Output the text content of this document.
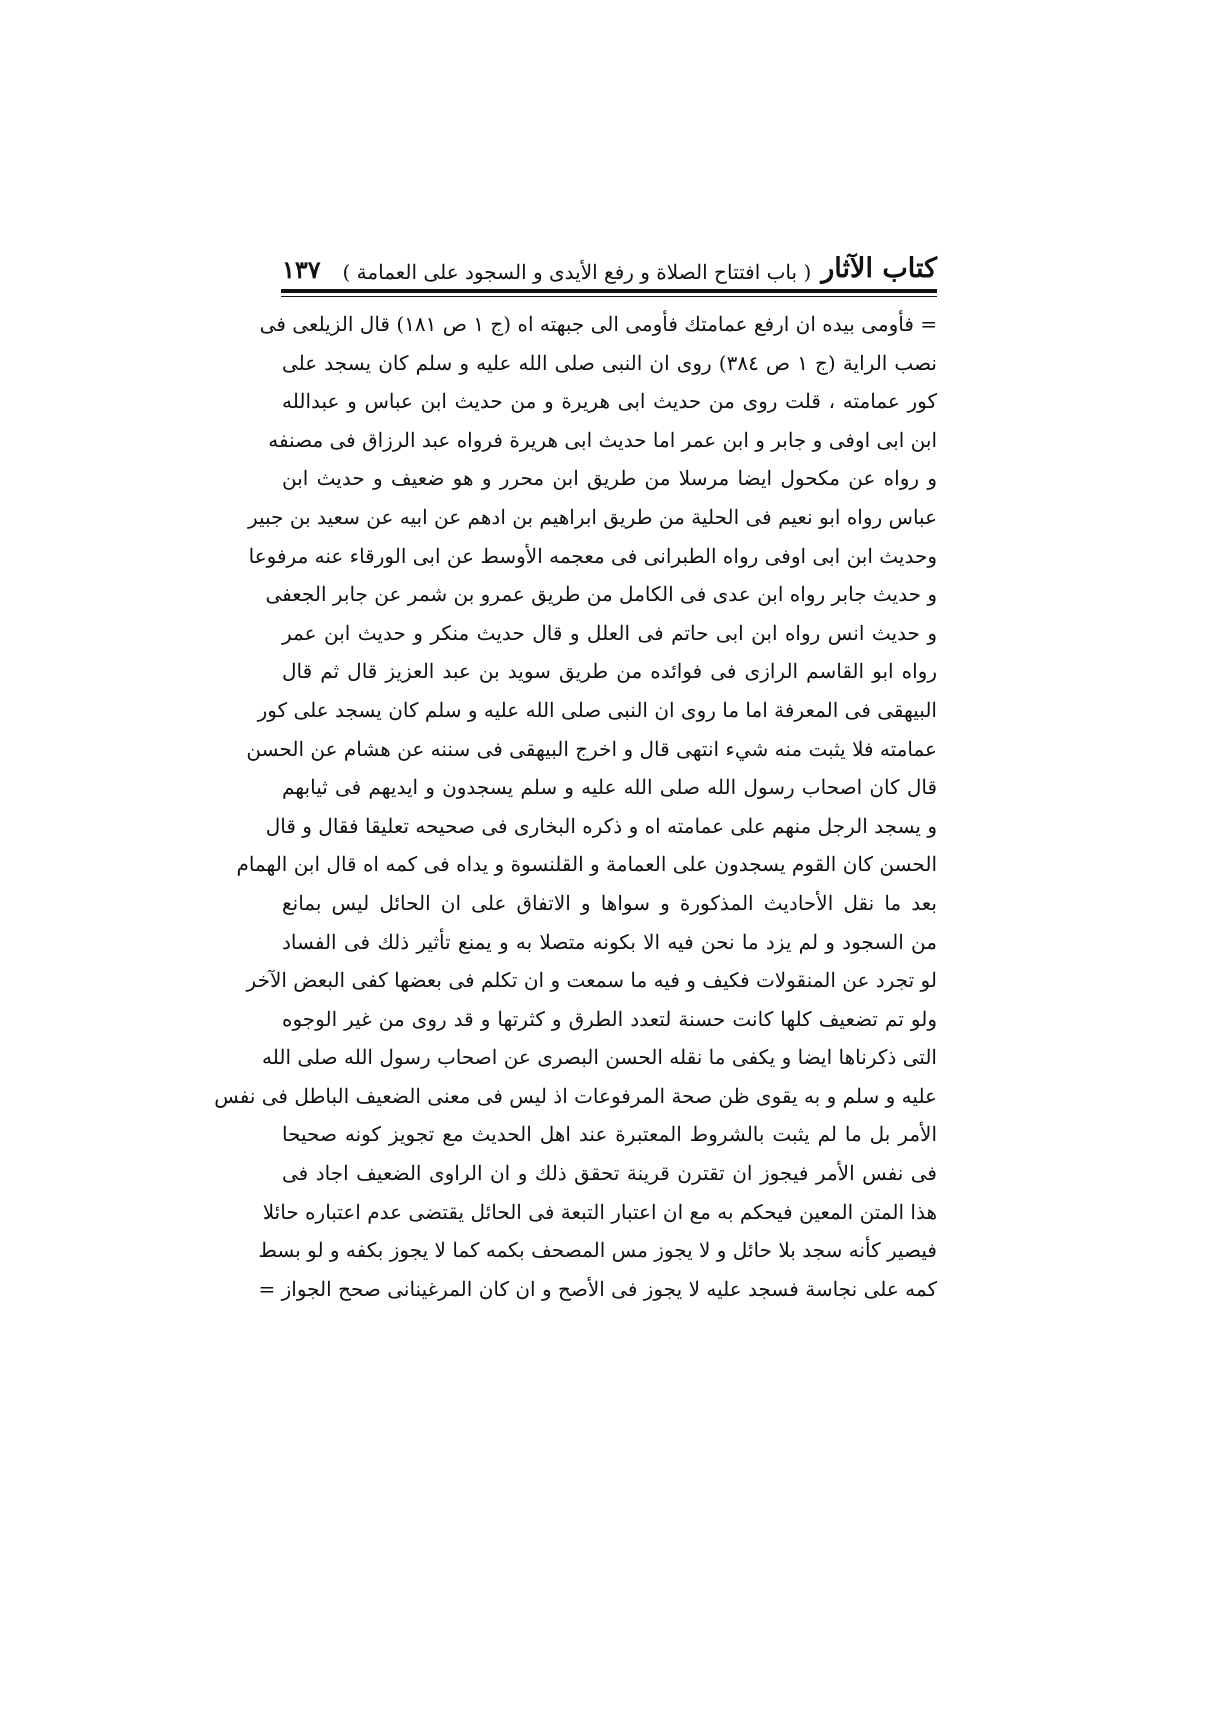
كتاب الآثار
( باب افتتاح الصلاة و رفع الأيدى و السجود على العمامة )
١٣٧
= فأومى بيده ان ارفع عمامتك فأومى الى جبهته اه (ج ١ ص ١٨١) قال الزيلعى فى
نصب الراية (ج ١ ص ٣٨٤) روى ان النبى صلى الله عليه و سلم كان يسجد على
كور عمامته ، قلت روى من حديث ابى هريرة و من حديث ابن عباس و عبدالله
ابن ابى اوفى و جابر و ابن عمر اما حديث ابى هريرة فرواه عبد الرزاق فى مصنفه
و رواه عن مكحول ايضا مرسلا من طريق ابن محرر و هو ضعيف و حديث ابن
عباس رواه ابو نعيم فى الحلية من طريق ابراهيم بن ادهم عن ابيه عن سعيد بن جبير
وحديث ابن ابى اوفى رواه الطبرانى فى معجمه الأوسط عن ابى الورقاء عنه مرفوعا
و حديث جابر رواه ابن عدى فى الكامل من طريق عمرو بن شمر عن جابر الجعفى
و حديث انس رواه ابن ابى حاتم فى العلل و قال حديث منكر و حديث ابن عمر
رواه ابو القاسم الرازى فى فوائده من طريق سويد بن عبد العزيز قال ثم قال
البيهقى فى المعرفة اما ما روى ان النبى صلى الله عليه و سلم كان يسجد على كور
عمامته فلا يثبت منه شيء انتهى قال و اخرج البيهقى فى سننه عن هشام عن الحسن
قال كان اصحاب رسول الله صلى الله عليه و سلم يسجدون و ايديهم فى ثيابهم
و يسجد الرجل منهم على عمامته اه و ذكره البخارى فى صحيحه تعليقا فقال و قال
الحسن كان القوم يسجدون على العمامة و القلنسوة و يداه فى كمه اه قال ابن الهمام
بعد ما نقل الأحاديث المذكورة و سواها و الاتفاق على ان الحائل ليس بمانع
من السجود و لم يزد ما نحن فيه الا بكونه متصلا به و يمنع تأثير ذلك فى الفساد
لو تجرد عن المنقولات فكيف و فيه ما سمعت و ان تكلم فى بعضها كفى البعض الآخر
ولو تم تضعيف كلها كانت حسنة لتعدد الطرق و كثرتها و قد روى من غير الوجوه
التى ذكرناها ايضا و يكفى ما نقله الحسن البصرى عن اصحاب رسول الله صلى الله
عليه و سلم و به يقوى ظن صحة المرفوعات اذ ليس فى معنى الضعيف الباطل فى نفس
الأمر بل ما لم يثبت بالشروط المعتبرة عند اهل الحديث مع تجويز كونه صحيحا
فى نفس الأمر فيجوز ان تقترن قرينة تحقق ذلك و ان الراوى الضعيف اجاد فى
هذا المتن المعين فيحكم به مع ان اعتبار التبعة فى الحائل يقتضى عدم اعتباره حائلا
فيصير كأنه سجد بلا حائل و لا يجوز مس المصحف بكمه كما لا يجوز بكفه و لو بسط
كمه على نجاسة فسجد عليه لا يجوز فى الأصح و ان كان المرغينانى صحح الجواز =
